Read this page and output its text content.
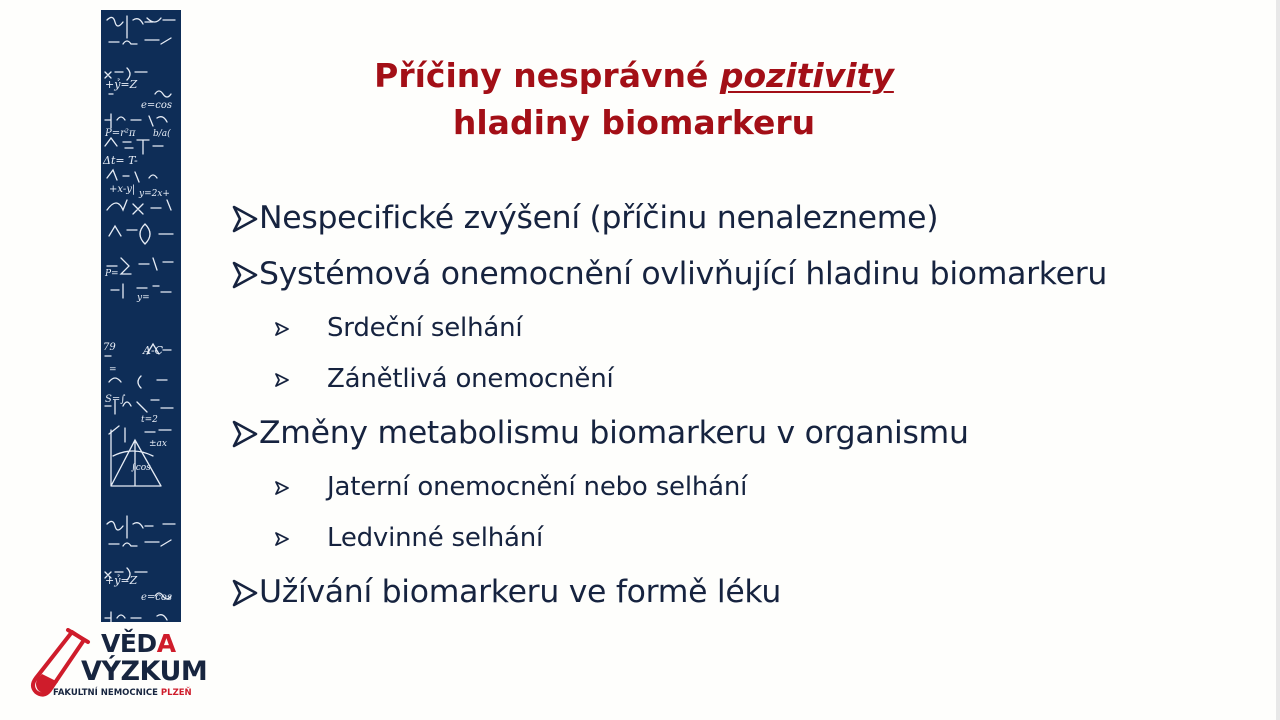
+ỷ=Z
e=cos
P=r²π b/a(
Δt= T-
+x-y| y=2x+
P=
y=
79 A-C
=
S=∫
t=2
±ax
∫cos
+ỷ=Z
e=cos
Příčiny nesprávné pozitivity
hladiny biomarkeru
Nespecifické zvýšení (příčinu nenalezneme)
Systémová onemocnění ovlivňující hladinu biomarkeru
Srdeční selhání
Zánětlivá onemocnění
Změny metabolismu biomarkeru v organismu
Jaterní onemocnění nebo selhání
Ledvinné selhání
Užívání biomarkeru ve formě léku
VĚDA
VÝZKUM
FAKULTNÍ NEMOCNICE PLZEŇ
